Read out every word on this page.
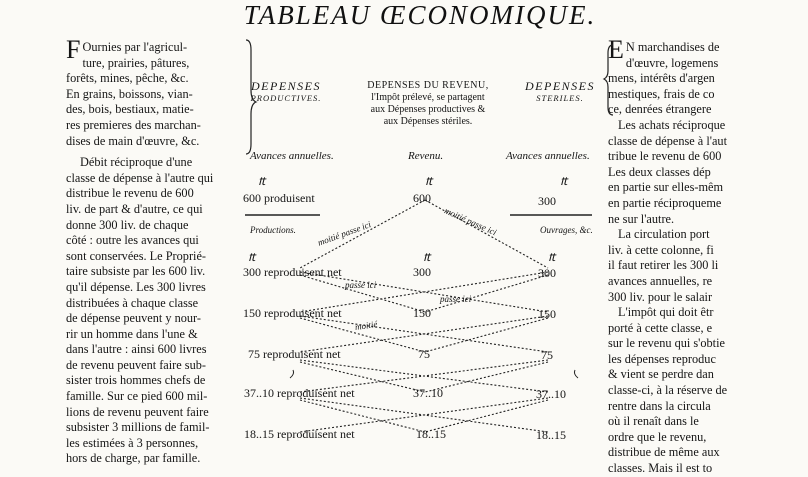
TABLEAU ŒCONOMIQUE.

F Ournies par l'agricul-
ture, prairies, pâtures,
forêts, mines, pêche, &c.
En grains, boissons, vian-
des, bois, bestiaux, matie-
res premieres des marchan-
dises de main d'œuvre, &c.

Débit réciproque d'une
classe de dépense à l'autre qui
distribue le revenu de 600
liv. de part & d'autre, ce qui
donne 300 liv. de chaque
côté : outre les avances qui
sont conservées. Le Proprié-
taire subsiste par les 600 liv.
qu'il dépense. Les 300 livres
distribuées à chaque classe
de dépense peuvent y nour-
rir un homme dans l'une &
dans l'autre : ainsi 600 livres
de revenu peuvent faire sub-
sister trois hommes chefs de
famille. Sur ce pied 600 mil-
lions de revenu peuvent faire
subsister 3 millions de famil-
les estimées à 3 personnes,
hors de charge, par famille.

E N marchandises de
d'œuvre, logemens
mens, intérêts d'argen
mestiques, frais de co
ce, denrées étrangere

Les achats réciproque
classe de dépense à l'aut
tribue le revenu de 600
Les deux classes dép
en partie sur elles-mêm
en partie réciproqueme
ne sur l'autre.

La circulation port
liv. à cette colonne, fi
il faut retirer les 300 li
avances annuelles, re
300 liv. pour le salair

L'impôt qui doit êtr
porté à cette classe, e
sur le revenu qui s'obtie
les dépenses reproduc
& vient se perdre dan
classe-ci, à la réserve de
rentre dans la circula
où il renaît dans le
ordre que le revenu,
distribue de même aux
classes. Mais il est to

DEPENSES
PRODUCTIVES.
DEPENSES DU REVENU,
l'Impôt prélevé, se partagent
aux Dépenses productives &
aux Dépenses stériles.
DEPENSES
STERILES.
Avances annuelles.	Revenu.	Avances annuelles.
₶	₶	₶
600 produisent	600	300
Productions.	Ouvrages, &c.
₶	₶	₶
300 reproduisent net	300	300
150 reproduisent net	150	150
75 reproduisent net	75	75
37..10 reproduisent net	37..10	37..10
18..15 reproduisent net	18..15	18..15
moitié passe ici
moitié passe ici
passe ici
passe ici
moitié
